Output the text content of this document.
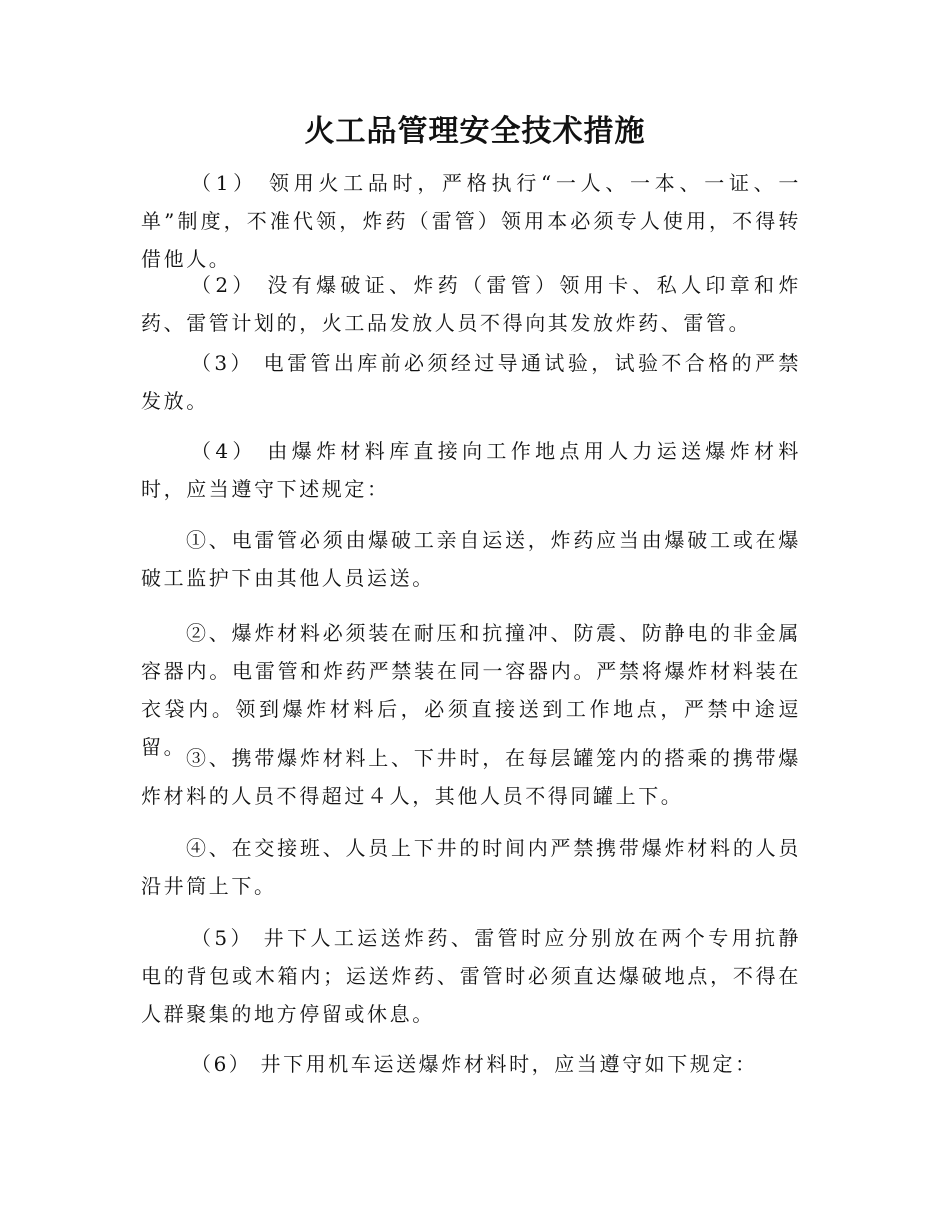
火工品管理安全技术措施

（1） 领用火工品时，严格执行“一人、一本、一证、一单”制度，不准代领，炸药（雷管）领用本必须专人使用，不得转借他人。

（2） 没有爆破证、炸药（雷管）领用卡、私人印章和炸药、雷管计划的，火工品发放人员不得向其发放炸药、雷管。

（3） 电雷管出库前必须经过导通试验，试验不合格的严禁发放。

（4） 由爆炸材料库直接向工作地点用人力运送爆炸材料时，应当遵守下述规定：

①、电雷管必须由爆破工亲自运送，炸药应当由爆破工或在爆破工监护下由其他人员运送。

②、爆炸材料必须装在耐压和抗撞冲、防震、防静电的非金属容器内。电雷管和炸药严禁装在同一容器内。严禁将爆炸材料装在衣袋内。领到爆炸材料后，必须直接送到工作地点，严禁中途逗留。 ③、携带爆炸材料上、下井时，在每层罐笼内的搭乘的携带爆炸材料的人员不得超过４人，其他人员不得同罐上下。

④、在交接班、人员上下井的时间内严禁携带爆炸材料的人员沿井筒上下。

（5） 井下人工运送炸药、雷管时应分别放在两个专用抗静电的背包或木箱内；运送炸药、雷管时必须直达爆破地点，不得在人群聚集的地方停留或休息。

（6） 井下用机车运送爆炸材料时，应当遵守如下规定：
